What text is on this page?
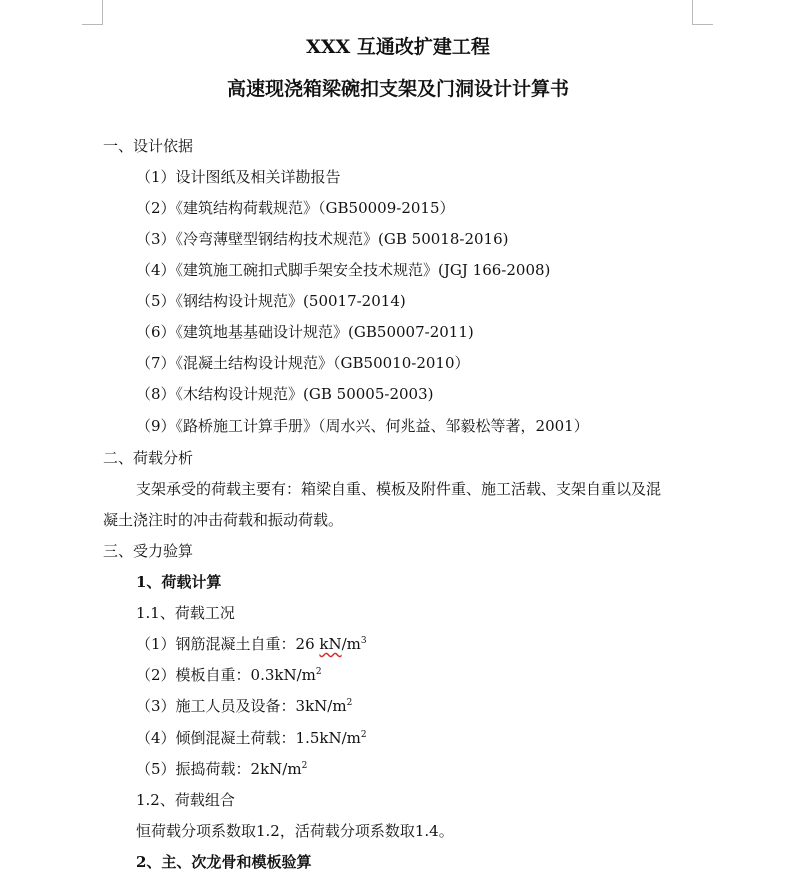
XXX 互通改扩建工程
高速现浇箱梁碗扣支架及门洞设计计算书
一、设计依据
（1）设计图纸及相关详勘报告
（2）《建筑结构荷载规范》（GB50009-2015）
（3）《冷弯薄壁型钢结构技术规范》(GB 50018-2016)
（4）《建筑施工碗扣式脚手架安全技术规范》(JGJ 166-2008)
（5）《钢结构设计规范》(50017-2014)
（6）《建筑地基基础设计规范》(GB50007-2011)
（7）《混凝土结构设计规范》（GB50010-2010）
（8）《木结构设计规范》(GB 50005-2003)
（9）《路桥施工计算手册》（周水兴、何兆益、邹毅松等著，2001）
二、荷载分析
支架承受的荷载主要有：箱梁自重、模板及附件重、施工活载、支架自重以及混
凝土浇注时的冲击荷载和振动荷载。
三、受力验算
1、荷载计算
1.1、荷载工况
（1）钢筋混凝土自重：26 $kN/m^3$
（2）模板自重：$0.3kN/m^2$
（3）施工人员及设备：$3kN/m^2$
（4）倾倒混凝土荷载：$1.5kN/m^2$
（5）振捣荷载：$2kN/m^2$
1.2、荷载组合
恒荷载分项系数取1.2，活荷载分项系数取1.4。
2、主、次龙骨和模板验算
